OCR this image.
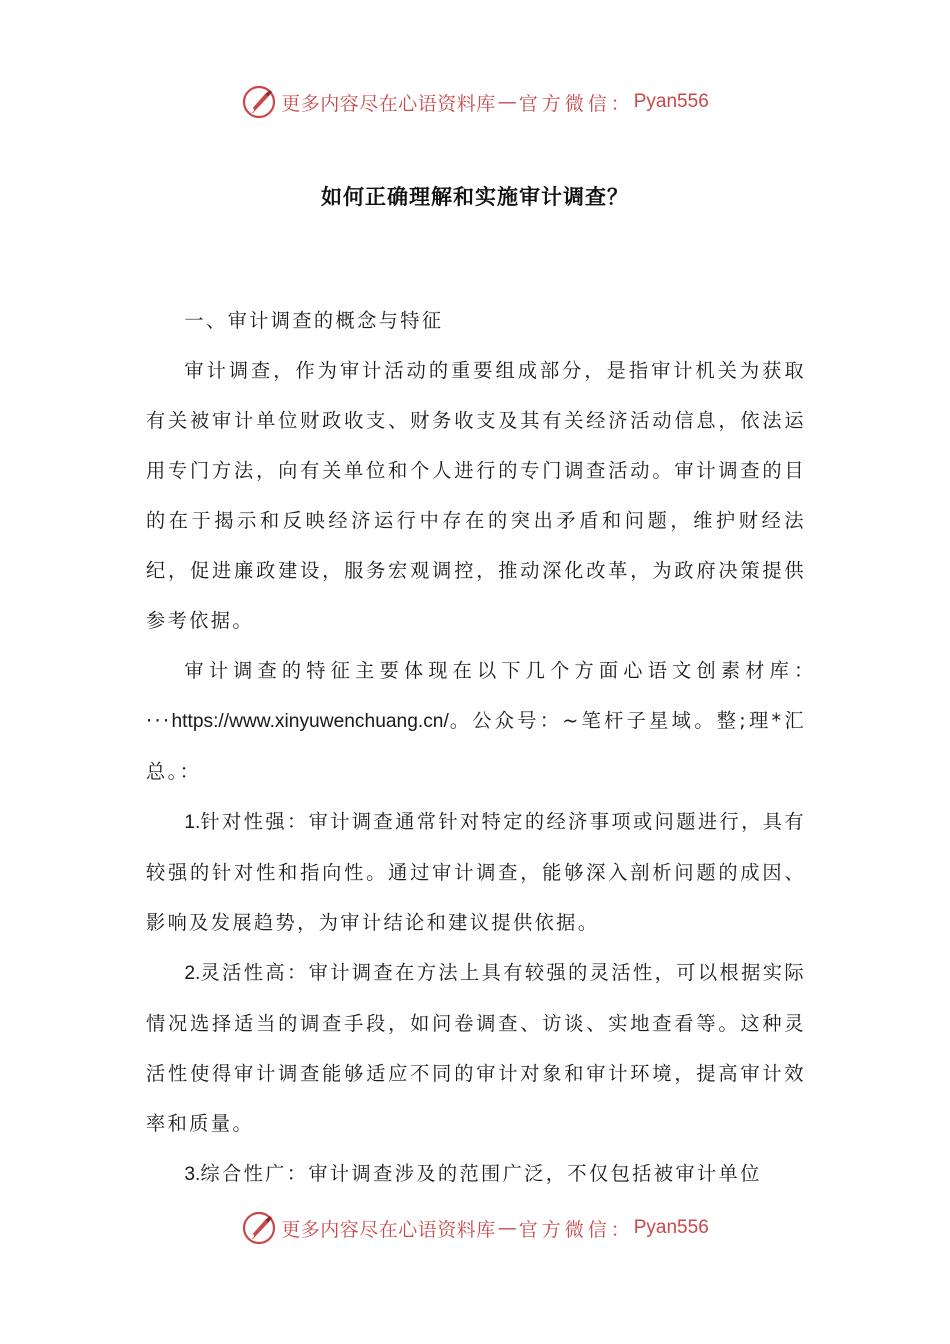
更多内容尽在心语资料库 — 官方微信： Pyan556
如何正确理解和实施审计调查？

一、审计调查的概念与特征

审计调查，作为审计活动的重要组成部分，是指审计机关为获取有关被审计单位财政收支、财务收支及其有关经济活动信息，依法运用专门方法，向有关单位和个人进行的专门调查活动。审计调查的目的在于揭示和反映经济运行中存在的突出矛盾和问题，维护财经法纪，促进廉政建设，服务宏观调控，推动深化改革，为政府决策提供参考依据。

审计调查的特征主要体现在以下几个方面心语文创素材库：···https://www.xinyuwenchuang.cn/。公众号：~笔杆子星域。整;理*汇总。：

1.针对性强：审计调查通常针对特定的经济事项或问题进行，具有较强的针对性和指向性。通过审计调查，能够深入剖析问题的成因、影响及发展趋势，为审计结论和建议提供依据。

2.灵活性高：审计调查在方法上具有较强的灵活性，可以根据实际情况选择适当的调查手段，如问卷调查、访谈、实地查看等。这种灵活性使得审计调查能够适应不同的审计对象和审计环境，提高审计效率和质量。

3.综合性广：审计调查涉及的范围广泛，不仅包括被审计单位

更多内容尽在心语资料库 — 官方微信： Pyan556
